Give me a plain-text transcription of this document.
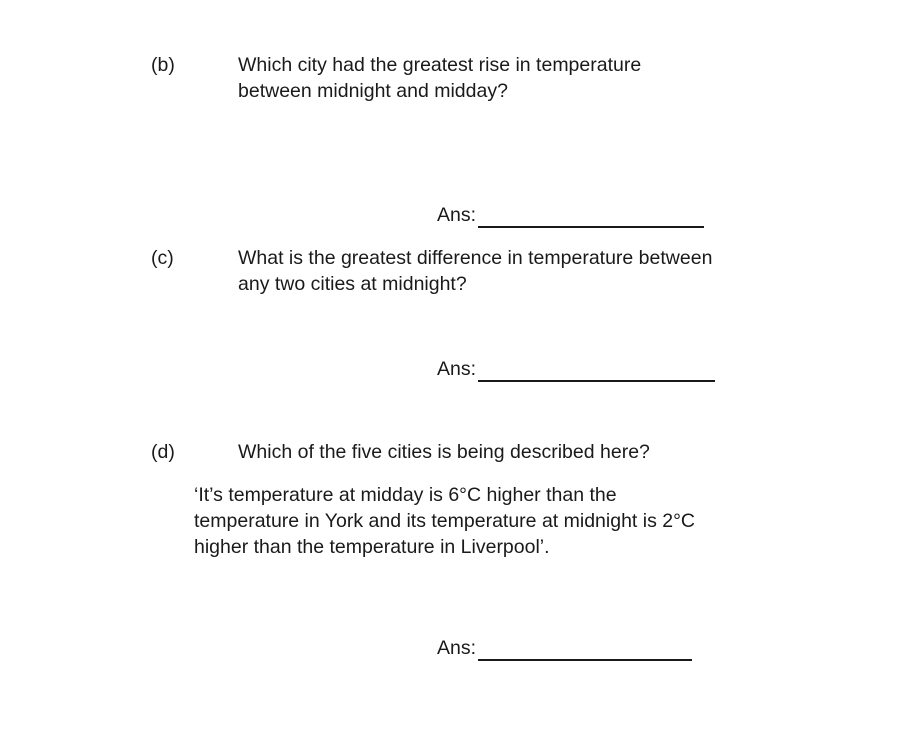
(b)	Which city had the greatest rise in temperature
between midnight and midday?
Ans:
(c)	What is the greatest difference in temperature between
any two cities at midnight?
Ans:
(d)	Which of the five cities is being described here?
‘It’s temperature at midday is 6°C higher than the
temperature in York and its temperature at midnight is 2°C
higher than the temperature in Liverpool’.
Ans:
